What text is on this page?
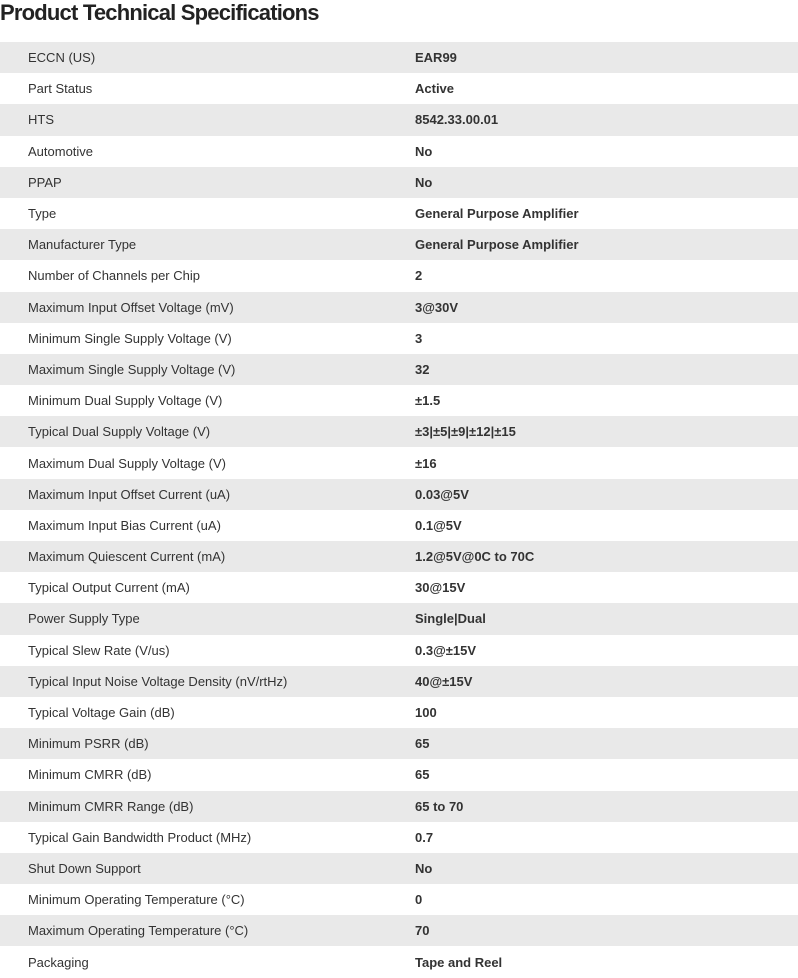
Product Technical Specifications
ECCN (US)	EAR99
Part Status	Active
HTS	8542.33.00.01
Automotive	No
PPAP	No
Type	General Purpose Amplifier
Manufacturer Type	General Purpose Amplifier
Number of Channels per Chip	2
Maximum Input Offset Voltage (mV)	3@30V
Minimum Single Supply Voltage (V)	3
Maximum Single Supply Voltage (V)	32
Minimum Dual Supply Voltage (V)	±1.5
Typical Dual Supply Voltage (V)	±3|±5|±9|±12|±15
Maximum Dual Supply Voltage (V)	±16
Maximum Input Offset Current (uA)	0.03@5V
Maximum Input Bias Current (uA)	0.1@5V
Maximum Quiescent Current (mA)	1.2@5V@0C to 70C
Typical Output Current (mA)	30@15V
Power Supply Type	Single|Dual
Typical Slew Rate (V/us)	0.3@±15V
Typical Input Noise Voltage Density (nV/rtHz)	40@±15V
Typical Voltage Gain (dB)	100
Minimum PSRR (dB)	65
Minimum CMRR (dB)	65
Minimum CMRR Range (dB)	65 to 70
Typical Gain Bandwidth Product (MHz)	0.7
Shut Down Support	No
Minimum Operating Temperature (°C)	0
Maximum Operating Temperature (°C)	70
Packaging	Tape and Reel
